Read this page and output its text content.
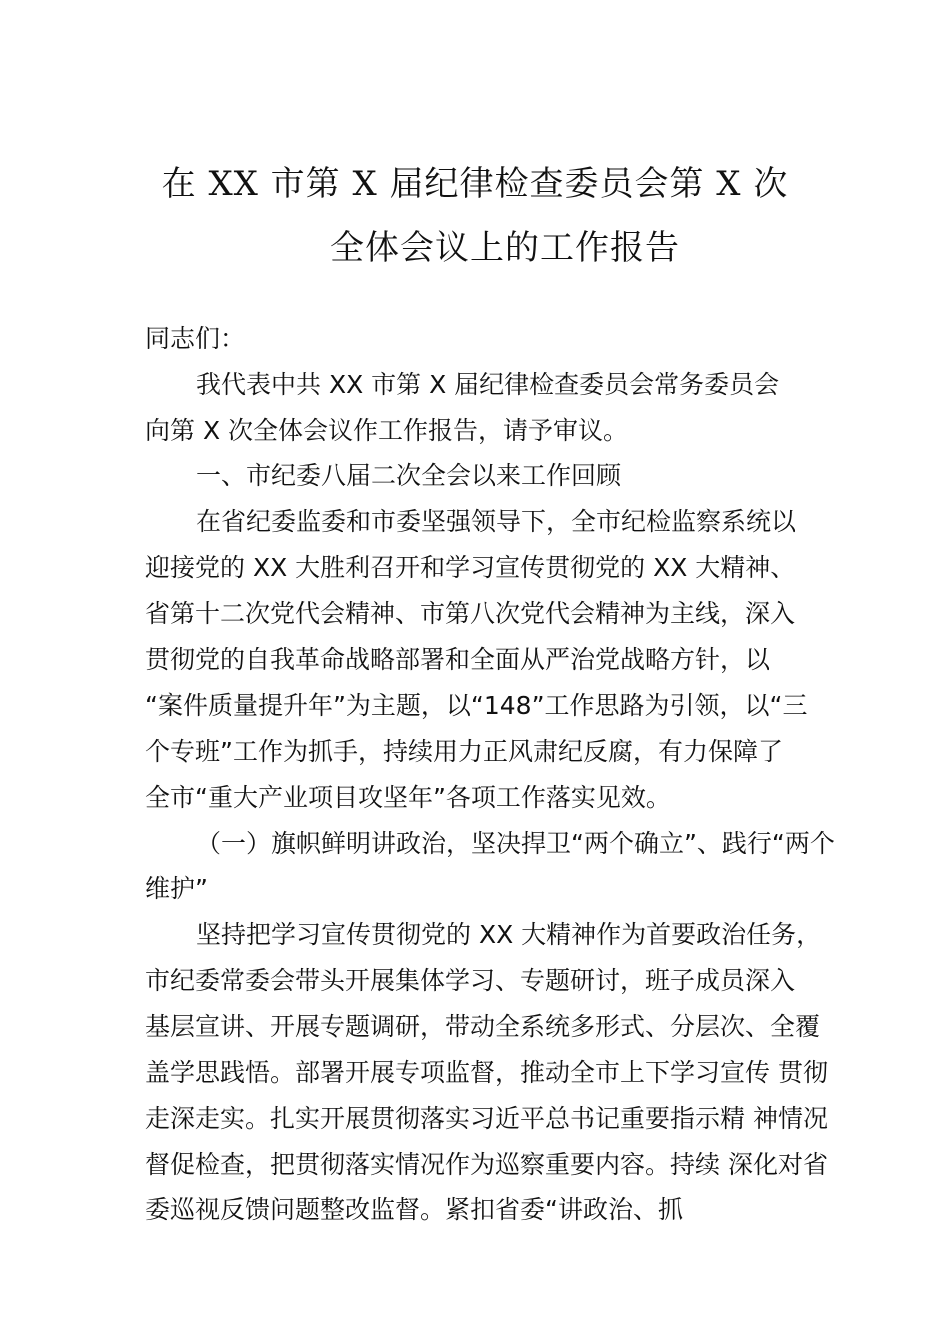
在 XX 市第 X 届纪律检查委员会第 X 次
全体会议上的工作报告
同志们：
我代表中共 XX 市第 X 届纪律检查委员会常务委员会
向第 X 次全体会议作工作报告，请予审议。
一、市纪委八届二次全会以来工作回顾
在省纪委监委和市委坚强领导下，全市纪检监察系统以
迎接党的 XX 大胜利召开和学习宣传贯彻党的 XX 大精神、
省第十二次党代会精神、市第八次党代会精神为主线，深入
贯彻党的自我革命战略部署和全面从严治党战略方针，以
“案件质量提升年”为主题，以“148”工作思路为引领，以“三
个专班”工作为抓手，持续用力正风肃纪反腐，有力保障了
全市“重大产业项目攻坚年”各项工作落实见效。
（一）旗帜鲜明讲政治，坚决捍卫“两个确立”、践行“两个
维护”
坚持把学习宣传贯彻党的 XX 大精神作为首要政治任务，
市纪委常委会带头开展集体学习、专题研讨，班子成员深入
基层宣讲、开展专题调研，带动全系统多形式、分层次、全覆
盖学思践悟。部署开展专项监督，推动全市上下学习宣传 贯彻
走深走实。扎实开展贯彻落实习近平总书记重要指示精 神情况
督促检查，把贯彻落实情况作为巡察重要内容。持续 深化对省
委巡视反馈问题整改监督。紧扣省委“讲政治、抓
